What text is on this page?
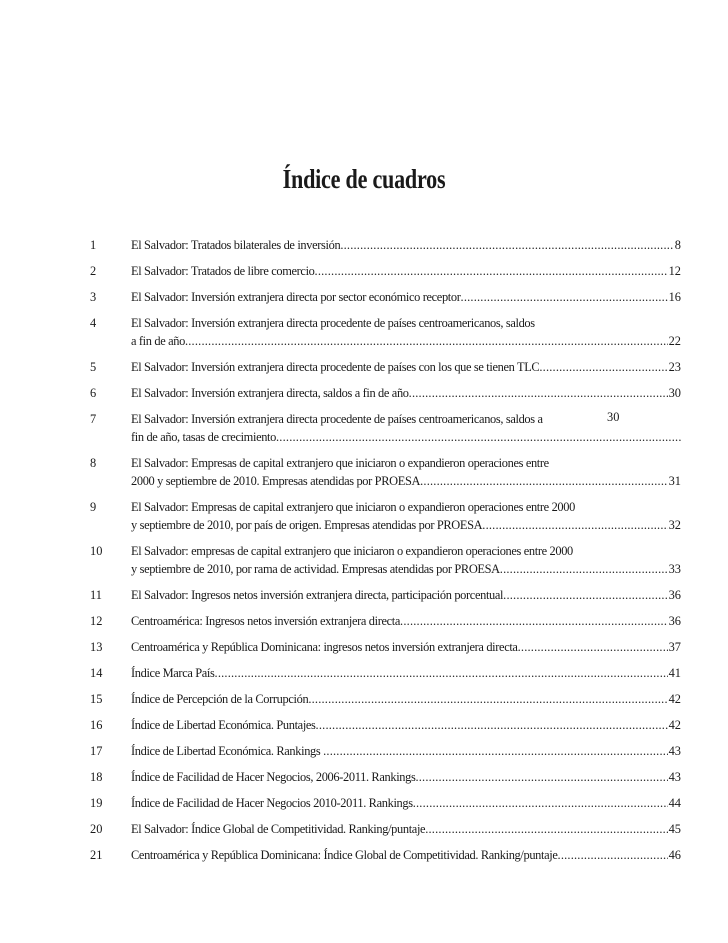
Índice de cuadros
1	El Salvador: Tratados bilaterales de inversión	8
.....
2	El Salvador: Tratados de libre comercio	12
.....
3	El Salvador: Inversión extranjera directa por sector económico receptor	16
.....
4	El Salvador: Inversión extranjera directa procedente de países centroamericanos, saldos
a fin de año	22
.....
5	El Salvador: Inversión extranjera directa procedente de países con los que se tienen TLC	23
.....
6	El Salvador: Inversión extranjera directa, saldos a fin de año	30
.....
7	El Salvador: Inversión extranjera directa procedente de países centroamericanos, saldos a
fin de año, tasas de crecimiento .....
8	El Salvador: Empresas de capital extranjero que iniciaron o expandieron operaciones entre
2000 y septiembre de 2010. Empresas atendidas por PROESA	31
.....
9	El Salvador: Empresas de capital extranjero que iniciaron o expandieron operaciones entre 2000
y septiembre de 2010, por país de origen. Empresas atendidas por PROESA	32
.....
10 El Salvador: empresas de capital extranjero que iniciaron o expandieron operaciones entre 2000
y septiembre de 2010, por rama de actividad. Empresas atendidas por PROESA	33
.....
11 El Salvador: Ingresos netos inversión extranjera directa, participación porcentual	36
.....
12 Centroamérica: Ingresos netos inversión extranjera directa	36
.....
13 Centroamérica y República Dominicana: ingresos netos inversión extranjera directa	37
.....
14 Índice Marca País	41
.....
15 Índice de Percepción de la Corrupción	42
.....
16 Índice de Libertad Económica. Puntajes	42
.....
17 Índice de Libertad Económica. Rankings	43
.....
18 Índice de Facilidad de Hacer Negocios, 2006-2011. Rankings	43
.....
19 Índice de Facilidad de Hacer Negocios 2010-2011. Rankings	44
.....
20 El Salvador: Índice Global de Competitividad. Ranking/puntaje	45
.....
21 Centroamérica y República Dominicana: Índice Global de Competitividad. Ranking/puntaje	46
.....
30
